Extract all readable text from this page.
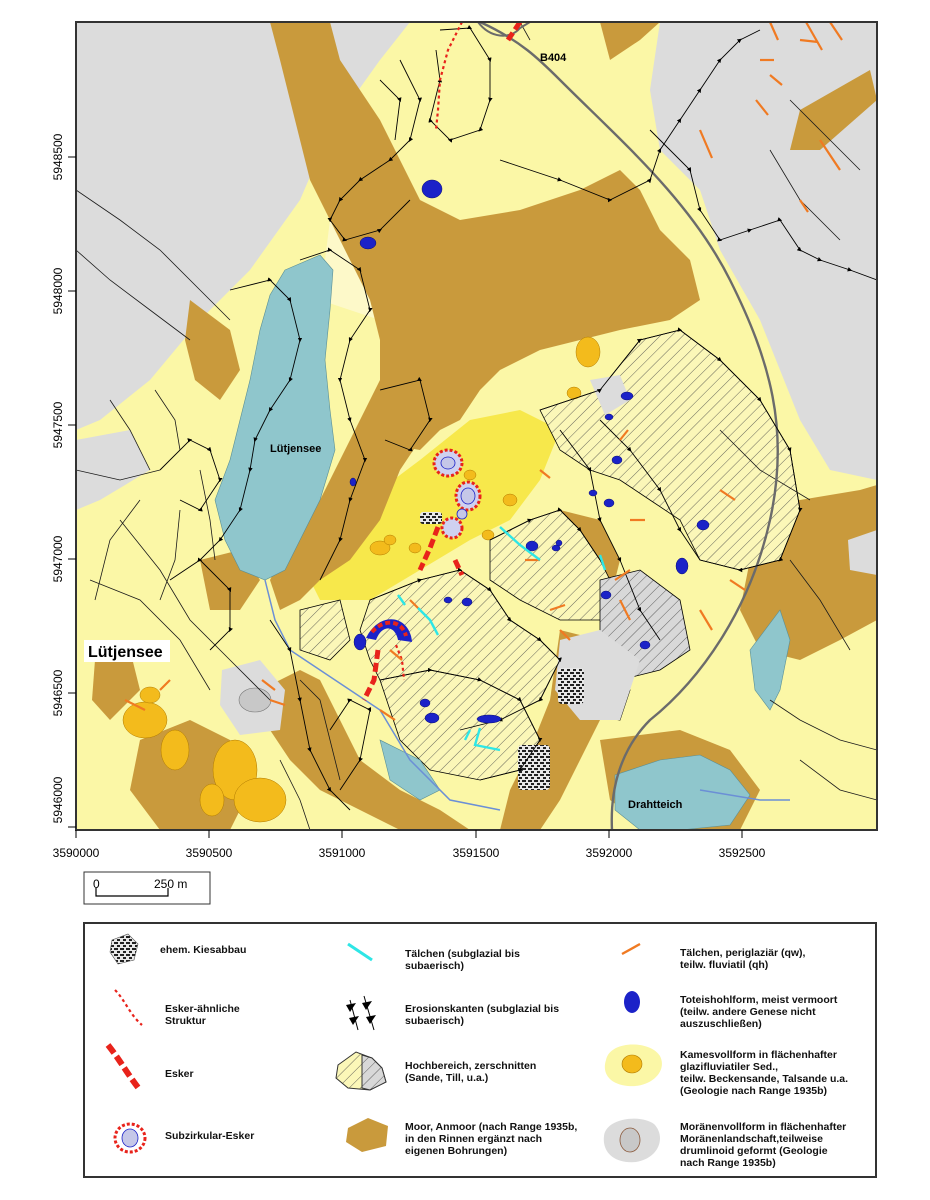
B404
Lütjensee
Lütjensee
Drahtteich
3590000	3590500	3591000	3591500	3592000	3592500
5948500
5948000
5947500
5947000
5946500
5946000
0	250 m
ehem. Kiesabbau
Esker-ähnliche
Struktur
Esker
Subzirkular-Esker
Tälchen (subglazial bis
subaerisch)
Erosionskanten (subglazial bis
subaerisch)
Hochbereich, zerschnitten
(Sande, Till, u.a.)
Moor, Anmoor (nach Range 1935b,
in den Rinnen ergänzt nach
eigenen Bohrungen)
Tälchen, periglaziär (qw),
teilw. fluviatil (qh)
Toteishohlform, meist vermoort
(teilw. andere Genese nicht
auszuschließen)
Kamesvollform in flächenhafter
glazifluviatiler Sed.,
teilw. Beckensande, Talsande u.a.
(Geologie nach Range 1935b)
Moränenvollform in flächenhafter
Moränenlandschaft,teilweise
drumlinoid geformt (Geologie
nach Range 1935b)
